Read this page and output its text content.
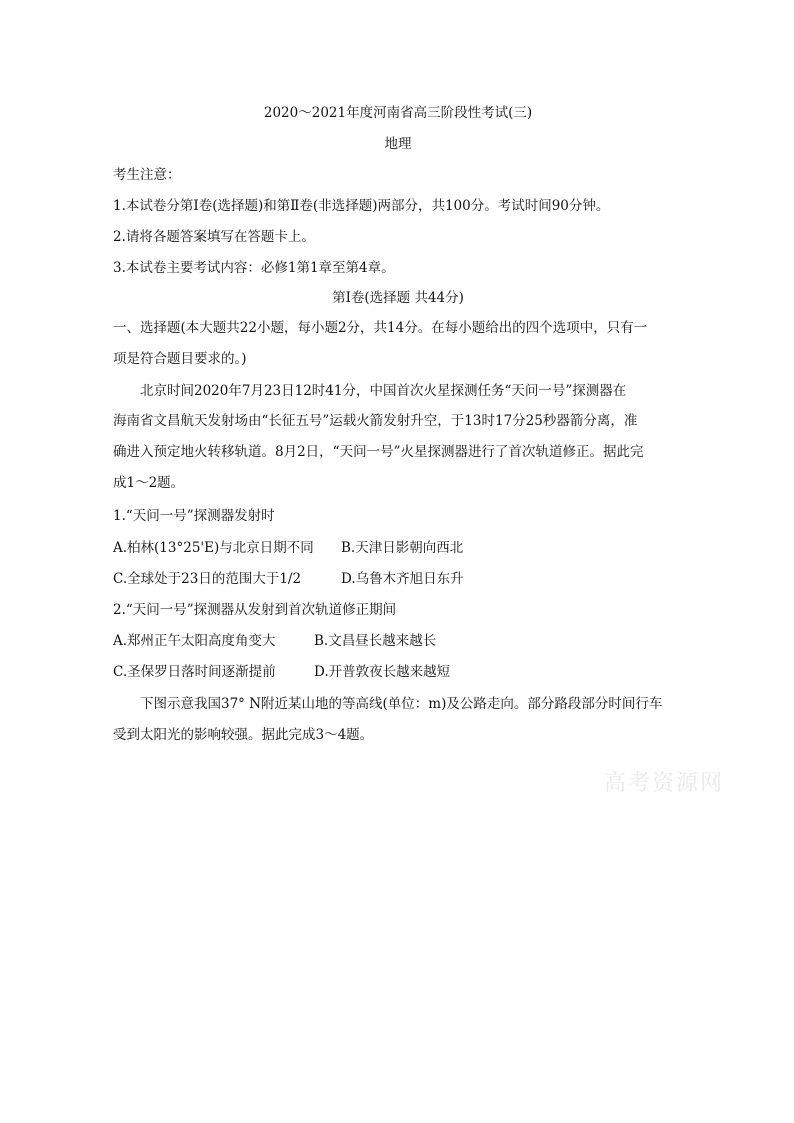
2020～2021年度河南省高三阶段性考试(三)
地理
考生注意：
1.本试卷分第Ⅰ卷(选择题)和第Ⅱ卷(非选择题)两部分，共100分。考试时间90分钟。
2.请将各题答案填写在答题卡上。
3.本试卷主要考试内容：必修1第1章至第4章。
第Ⅰ卷(选择题 共44分)
一、选择题(本大题共22小题，每小题2分，共14分。在每小题给出的四个选项中，只有一
项是符合题目要求的。)
北京时间2020年7月23日12时41分，中国首次火星探测任务“天问一号”探测器在
海南省文昌航天发射场由“长征五号”运载火箭发射升空，于13时17分25秒器箭分离，准
确进入预定地火转移轨道。8月2日，“天问一号”火星探测器进行了首次轨道修正。据此完
成1～2题。
1.“天问一号”探测器发射时
A.柏林(13°25'E)与北京日期不同 B.天津日影朝向西北
C.全球处于23日的范围大于1/2	D.乌鲁木齐旭日东升
2.“天问一号”探测器从发射到首次轨道修正期间
A.郑州正午太阳高度角变大	B.文昌昼长越来越长
C.圣保罗日落时间逐渐提前	D.开普敦夜长越来越短
下图示意我国37° N附近某山地的等高线(单位：m)及公路走向。部分路段部分时间行车
受到太阳光的影响较强。据此完成3～4题。
高考资源网
